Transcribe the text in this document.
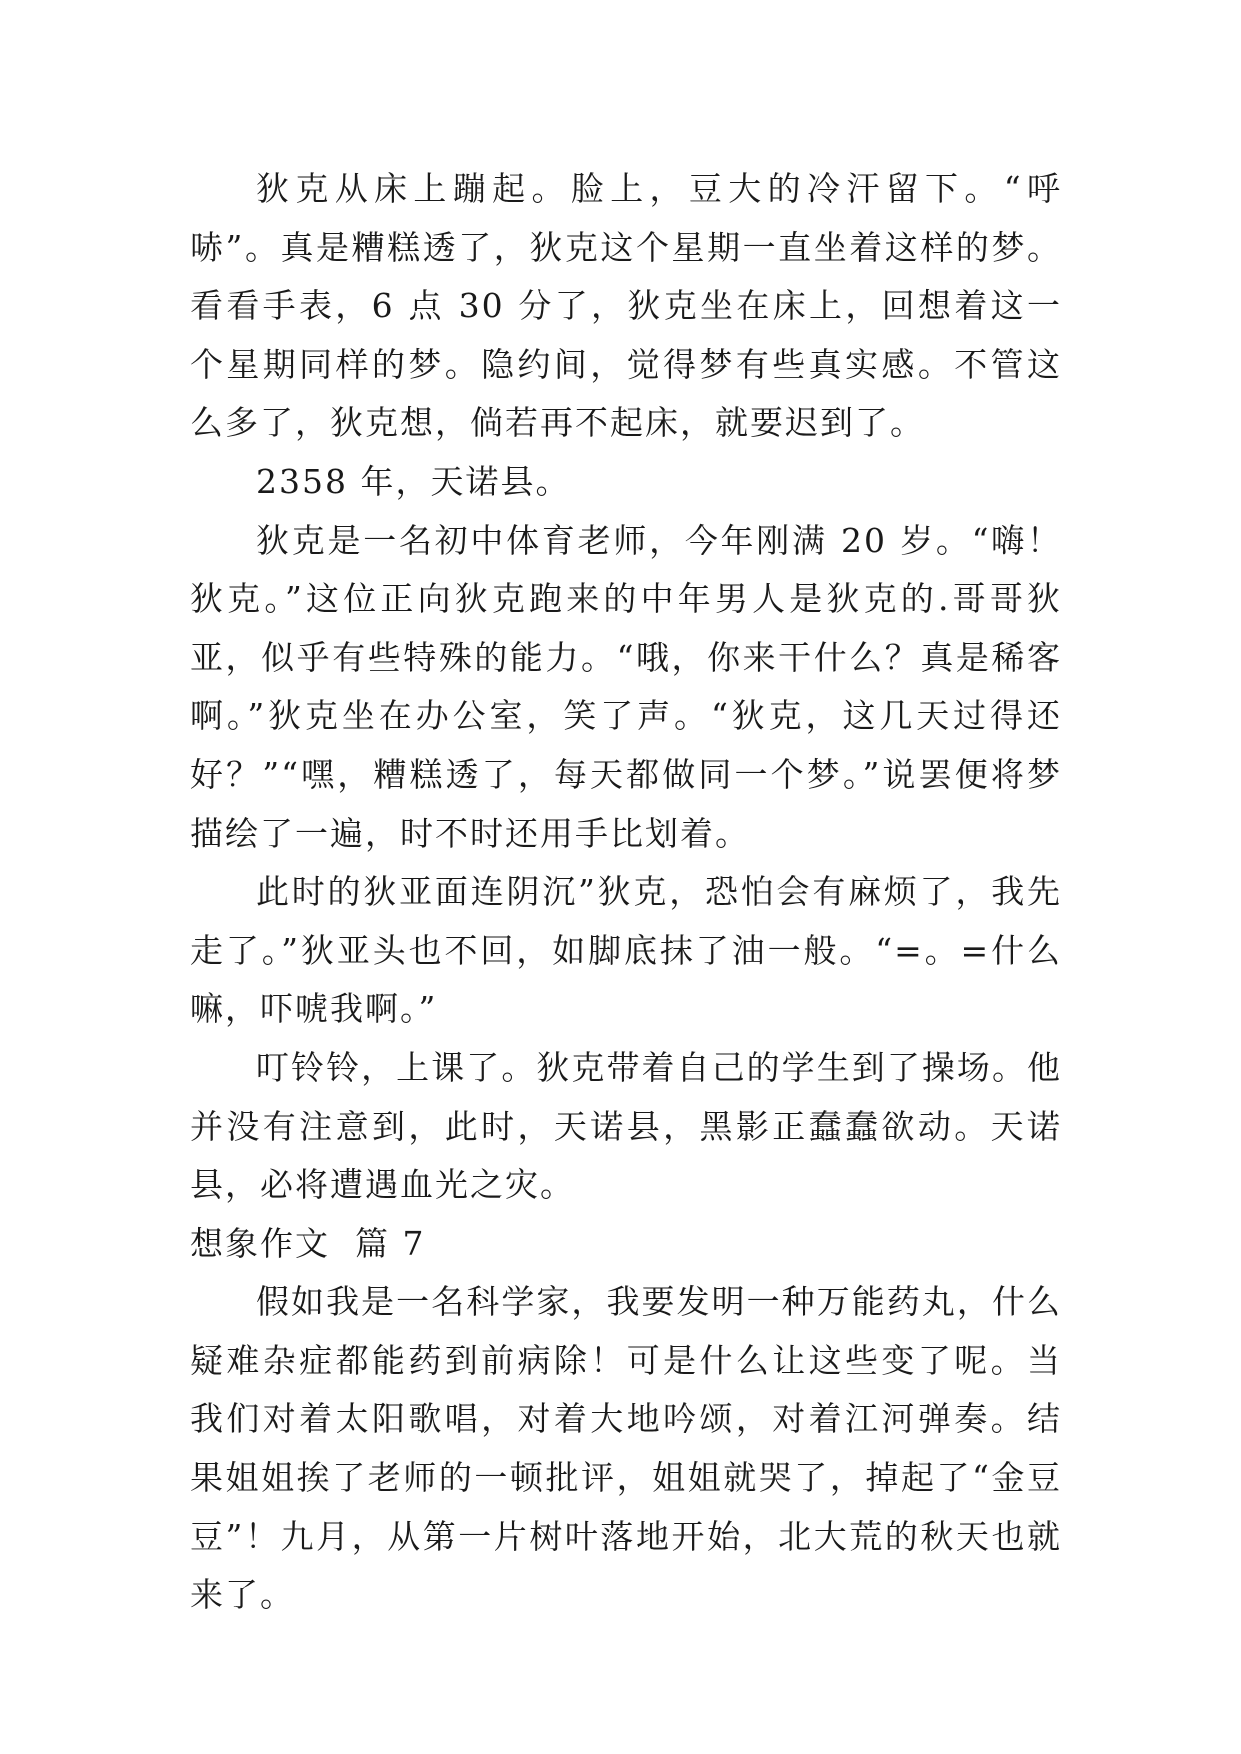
狄克从床上蹦起。脸上，豆大的冷汗留下。“呼哧”。真是糟糕透了，狄克这个星期一直坐着这样的梦。看看手表，6 点 30 分了，狄克坐在床上，回想着这一个星期同样的梦。隐约间，觉得梦有些真实感。不管这么多了，狄克想，倘若再不起床，就要迟到了。

2358 年，天诺县。

狄克是一名初中体育老师，今年刚满 20 岁。“嗨！狄克。”这位正向狄克跑来的中年男人是狄克的.哥哥狄亚，似乎有些特殊的能力。“哦，你来干什么？真是稀客啊。”狄克坐在办公室，笑了声。“狄克，这几天过得还好？”“嘿，糟糕透了，每天都做同一个梦。”说罢便将梦描绘了一遍，时不时还用手比划着。

此时的狄亚面连阴沉”狄克，恐怕会有麻烦了，我先走了。”狄亚头也不回，如脚底抹了油一般。“=。=什么嘛，吓唬我啊。”

叮铃铃，上课了。狄克带着自己的学生到了操场。他并没有注意到，此时，天诺县，黑影正蠢蠢欲动。天诺县，必将遭遇血光之灾。

想象作文  篇 7

假如我是一名科学家，我要发明一种万能药丸，什么疑难杂症都能药到前病除！可是什么让这些变了呢。当我们对着太阳歌唱，对着大地吟颂，对着江河弹奏。结果姐姐挨了老师的一顿批评，姐姐就哭了，掉起了“金豆豆”！九月，从第一片树叶落地开始，北大荒的秋天也就来了。
